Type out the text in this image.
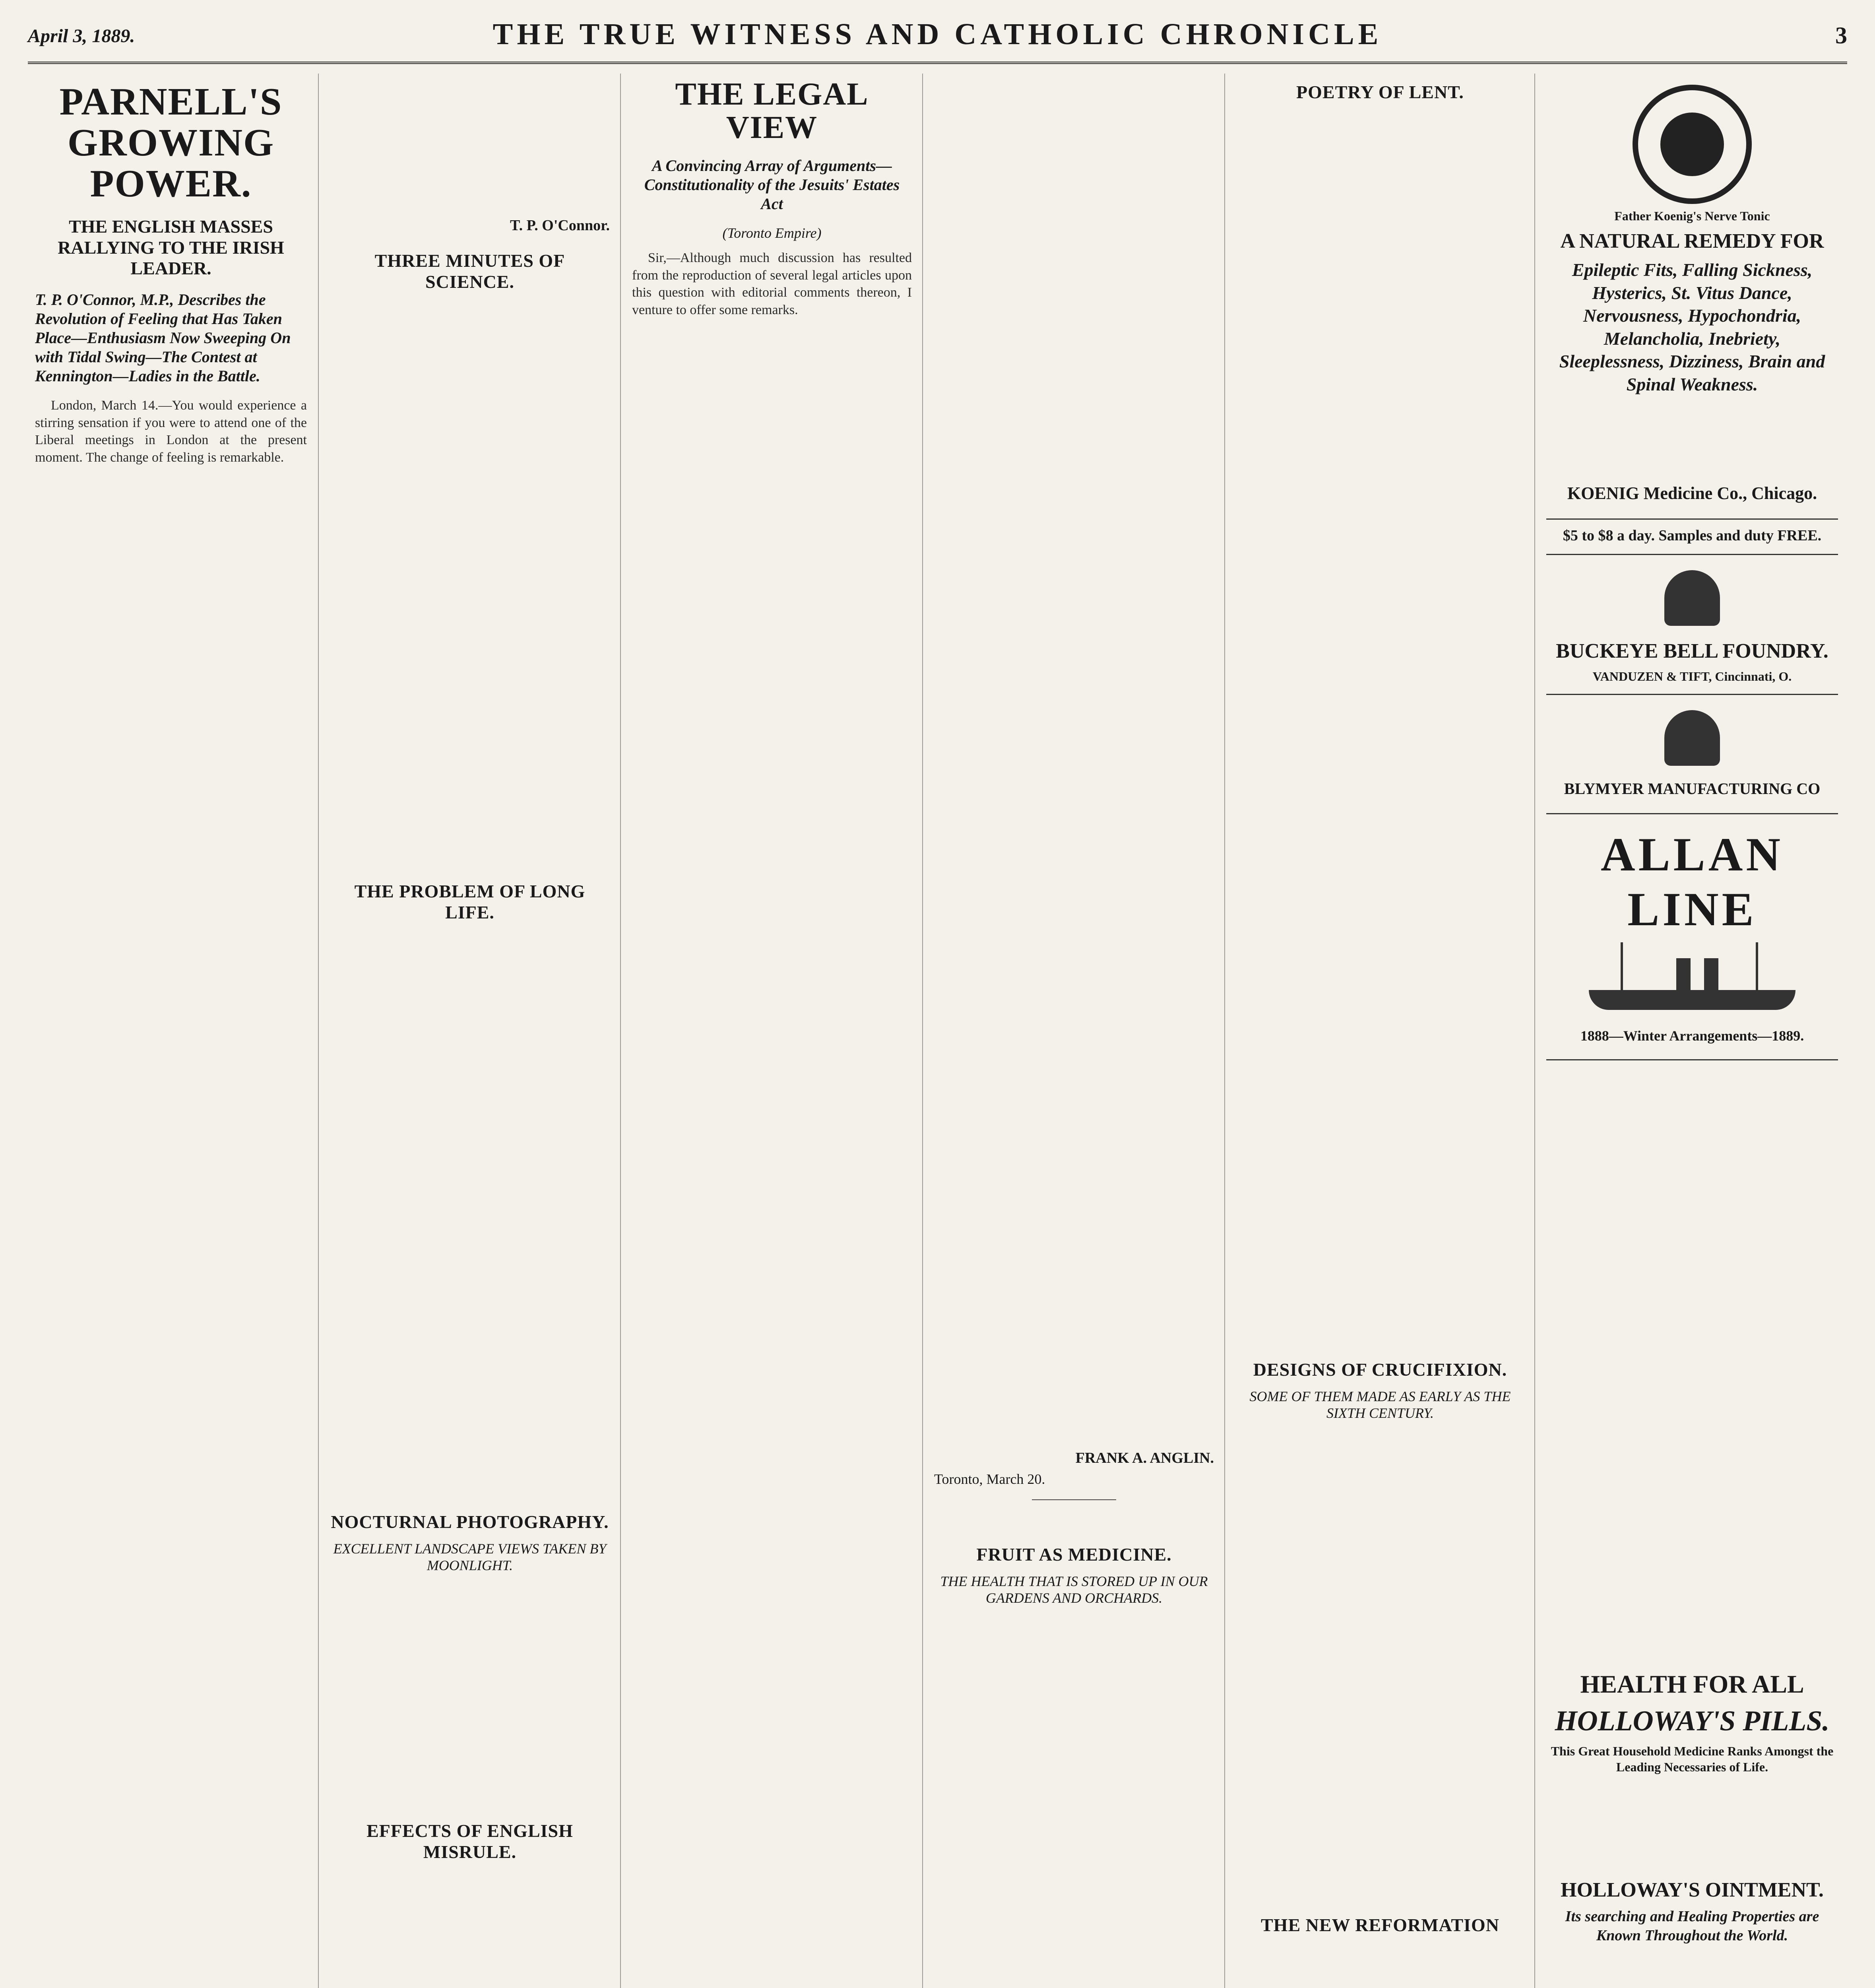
April 3, 1889.	THE TRUE WITNESS AND CATHOLIC CHRONICLE	3
PARNELL'S GROWING POWER.
THE ENGLISH MASSES RALLYING TO THE IRISH LEADER.
T. P. O'Connor, M.P., Describes the Revolution of Feeling that Has Taken Place—Enthusiasm Now Sweeping On with Tidal Swing—The Contest at Kennington—Ladies in the Battle.

London, March 14.—You would experience a stirring sensation if you were to attend one of the Liberal meetings in London at the present moment. The change of feeling is remarkable.

T. P. O'Connor.
THREE MINUTES OF SCIENCE.
THE PROBLEM OF LONG LIFE.
NOCTURNAL PHOTOGRAPHY.
EXCELLENT LANDSCAPE VIEWS TAKEN BY MOONLIGHT.
EFFECTS OF ENGLISH MISRULE.
THE LEGAL VIEW
A Convincing Array of Arguments—Constitutionality of the Jesuits' Estates Act
(Toronto Empire)

Sir,—Although much discussion has resulted from the reproduction of several legal articles upon this question with editorial comments thereon, I venture to offer some remarks.

FRANK A. ANGLIN.
Toronto, March 20.
FRUIT AS MEDICINE.
THE HEALTH THAT IS STORED UP IN OUR GARDENS AND ORCHARDS.
POETRY OF LENT.
DESIGNS OF CRUCIFIXION.
SOME OF THEM MADE AS EARLY AS THE SIXTH CENTURY.
THE NEW REFORMATION
Father Koenig's Nerve Tonic
A NATURAL REMEDY FOR
Epileptic Fits, Falling Sickness, Hysterics, St. Vitus Dance, Nervousness, Hypochondria, Melancholia, Inebriety, Sleeplessness, Dizziness, Brain and Spinal Weakness.
KOENIG Medicine Co., Chicago.
$5 to $8 a day. Samples and duty FREE.
BUCKEYE BELL FOUNDRY.
VANDUZEN & TIFT, Cincinnati, O.
BLYMYER MANUFACTURING CO
ALLAN LINE
1888—Winter Arrangements—1889.
HEALTH FOR ALL
HOLLOWAY'S PILLS.
This Great Household Medicine Ranks Amongst the Leading Necessaries of Life.
HOLLOWAY'S OINTMENT.
Its searching and Healing Properties are Known Throughout the World.
